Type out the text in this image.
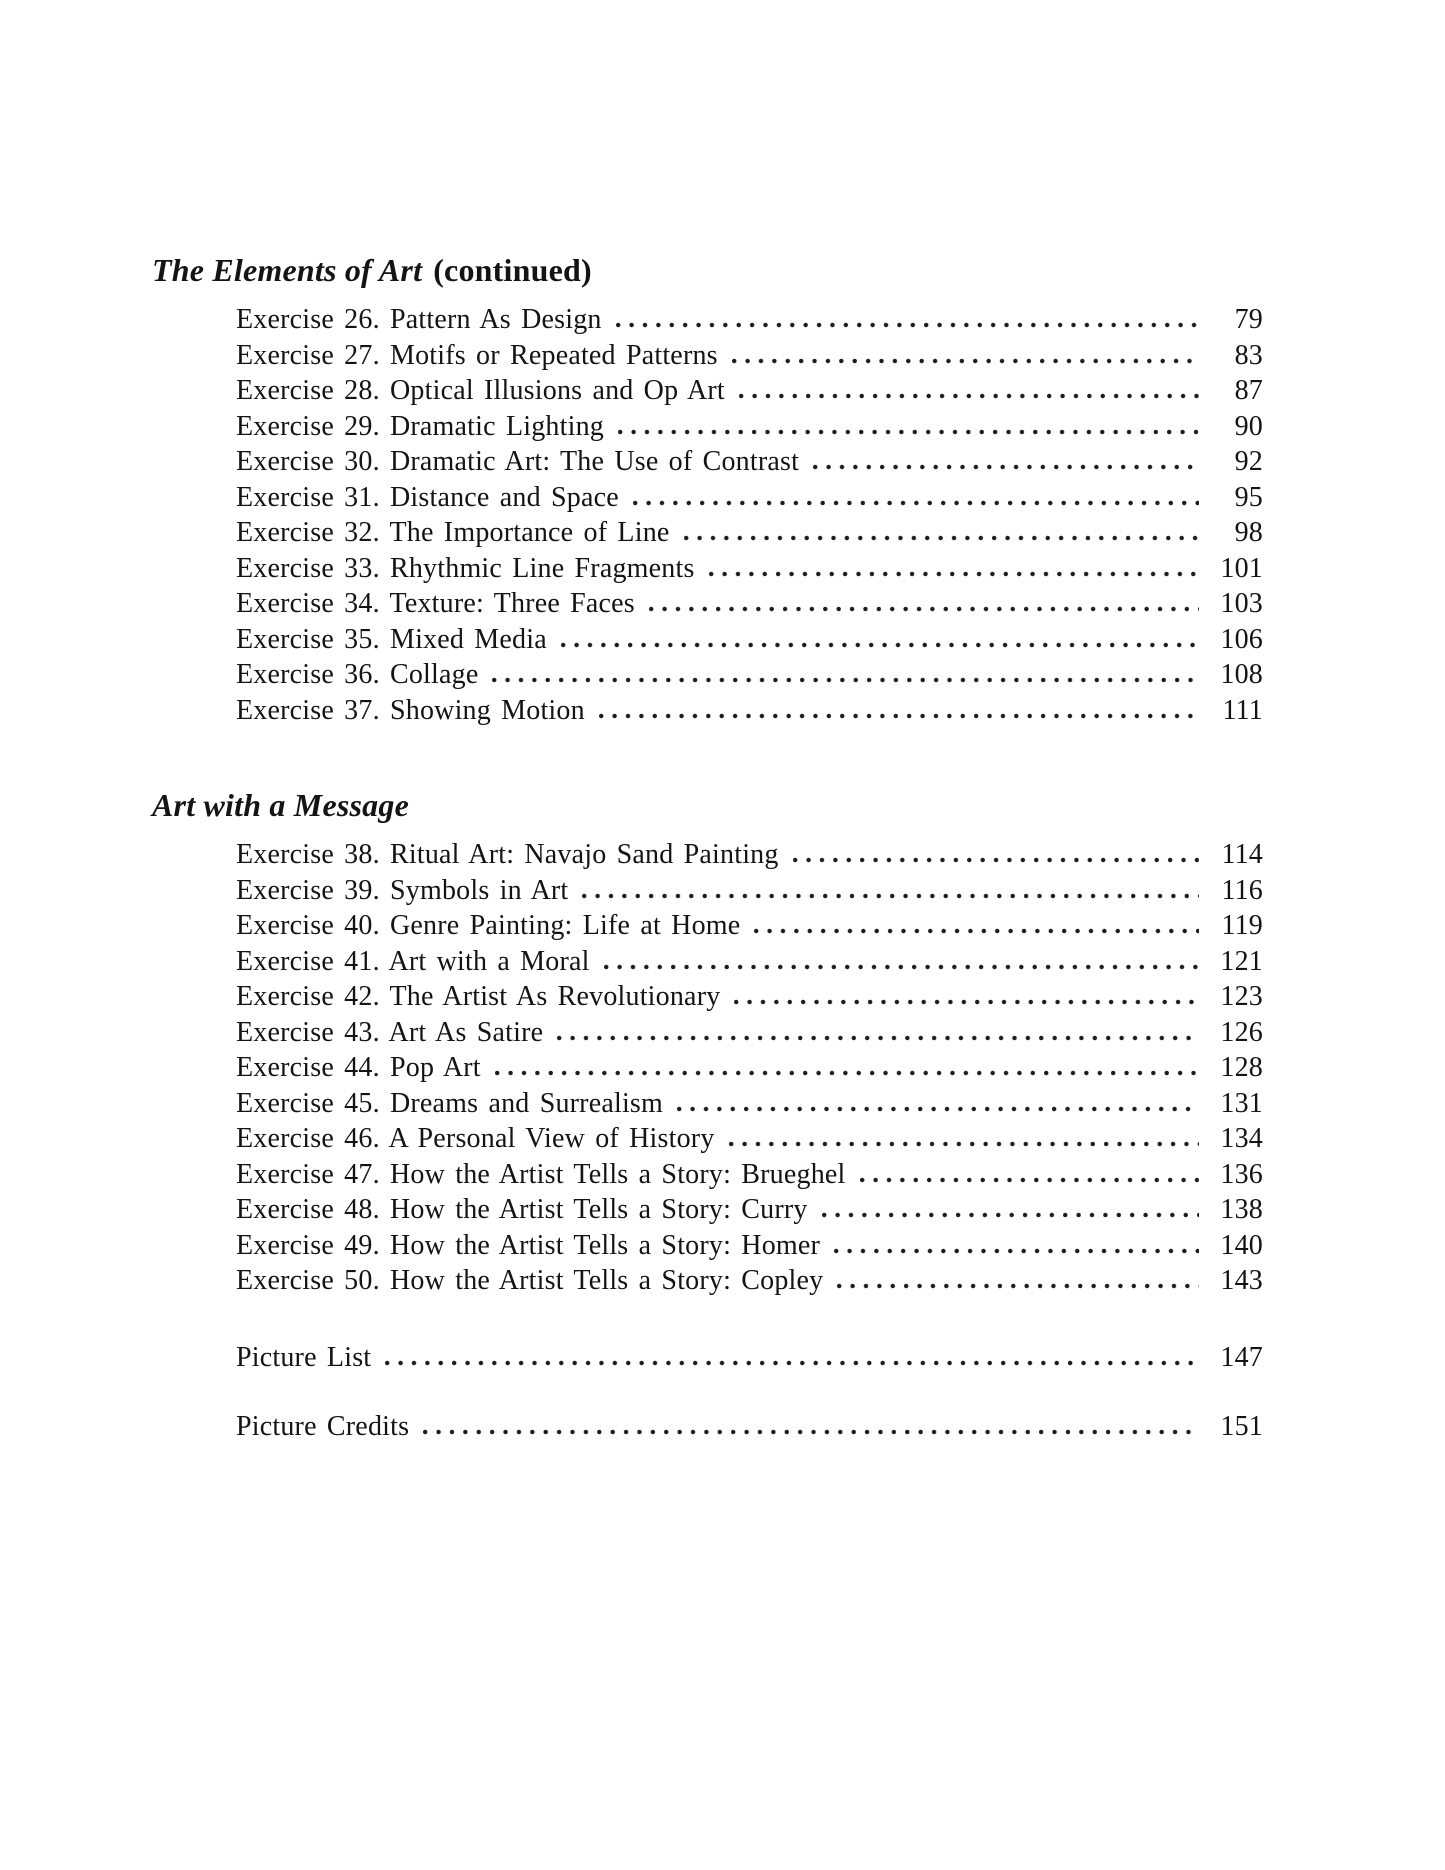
The Elements of Art (continued)
Exercise 26. Pattern As Design	79
Exercise 27. Motifs or Repeated Patterns	83
Exercise 28. Optical Illusions and Op Art	87
Exercise 29. Dramatic Lighting	90
Exercise 30. Dramatic Art: The Use of Contrast	92
Exercise 31. Distance and Space	95
Exercise 32. The Importance of Line	98
Exercise 33. Rhythmic Line Fragments	101
Exercise 34. Texture: Three Faces	103
Exercise 35. Mixed Media	106
Exercise 36. Collage	108
Exercise 37. Showing Motion	111
Art with a Message
Exercise 38. Ritual Art: Navajo Sand Painting	114
Exercise 39. Symbols in Art	116
Exercise 40. Genre Painting: Life at Home	119
Exercise 41. Art with a Moral	121
Exercise 42. The Artist As Revolutionary	123
Exercise 43. Art As Satire	126
Exercise 44. Pop Art	128
Exercise 45. Dreams and Surrealism	131
Exercise 46. A Personal View of History	134
Exercise 47. How the Artist Tells a Story: Brueghel	136
Exercise 48. How the Artist Tells a Story: Curry	138
Exercise 49. How the Artist Tells a Story: Homer	140
Exercise 50. How the Artist Tells a Story: Copley	143
Picture List	147
Picture Credits	151
